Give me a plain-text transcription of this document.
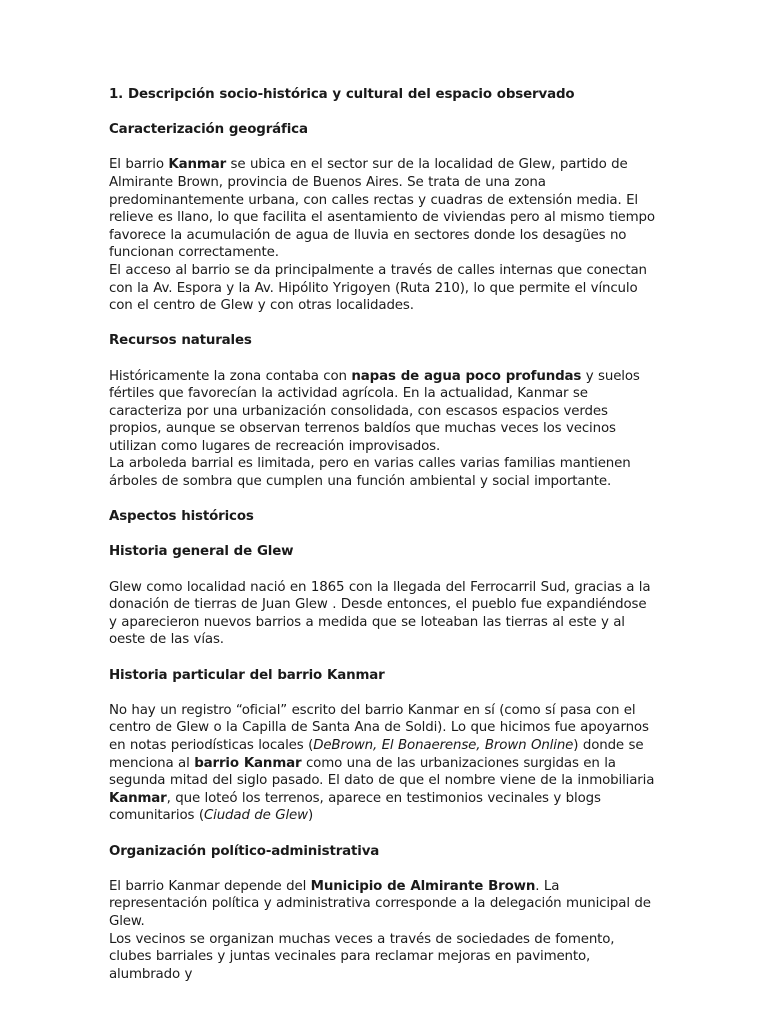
1. Descripción socio-histórica y cultural del espacio observado
Caracterización geográfica
El barrio Kanmar se ubica en el sector sur de la localidad de Glew, partido de Almirante Brown, provincia de Buenos Aires. Se trata de una zona predominantemente urbana, con calles rectas y cuadras de extensión media. El relieve es llano, lo que facilita el asentamiento de viviendas pero al mismo tiempo favorece la acumulación de agua de lluvia en sectores donde los desagües no funcionan correctamente.
El acceso al barrio se da principalmente a través de calles internas que conectan con la Av. Espora y la Av. Hipólito Yrigoyen (Ruta 210), lo que permite el vínculo con el centro de Glew y con otras localidades.
Recursos naturales
Históricamente la zona contaba con napas de agua poco profundas y suelos fértiles que favorecían la actividad agrícola. En la actualidad, Kanmar se caracteriza por una urbanización consolidada, con escasos espacios verdes propios, aunque se observan terrenos baldíos que muchas veces los vecinos utilizan como lugares de recreación improvisados.
La arboleda barrial es limitada, pero en varias calles varias familias mantienen árboles de sombra que cumplen una función ambiental y social importante.
Aspectos históricos
Historia general de Glew
Glew como localidad nació en 1865 con la llegada del Ferrocarril Sud, gracias a la donación de tierras de Juan Glew . Desde entonces, el pueblo fue expandiéndose y aparecieron nuevos barrios a medida que se loteaban las tierras al este y al oeste de las vías.
Historia particular del barrio Kanmar
No hay un registro “oficial” escrito del barrio Kanmar en sí (como sí pasa con el centro de Glew o la Capilla de Santa Ana de Soldi). Lo que hicimos fue apoyarnos en notas periodísticas locales (DeBrown, El Bonaerense, Brown Online) donde se menciona al barrio Kanmar como una de las urbanizaciones surgidas en la segunda mitad del siglo pasado. El dato de que el nombre viene de la inmobiliaria Kanmar, que loteó los terrenos, aparece en testimonios vecinales y blogs comunitarios (Ciudad de Glew)
Organización político-administrativa
El barrio Kanmar depende del Municipio de Almirante Brown. La representación política y administrativa corresponde a la delegación municipal de Glew.
Los vecinos se organizan muchas veces a través de sociedades de fomento, clubes barriales y juntas vecinales para reclamar mejoras en pavimento, alumbrado y
